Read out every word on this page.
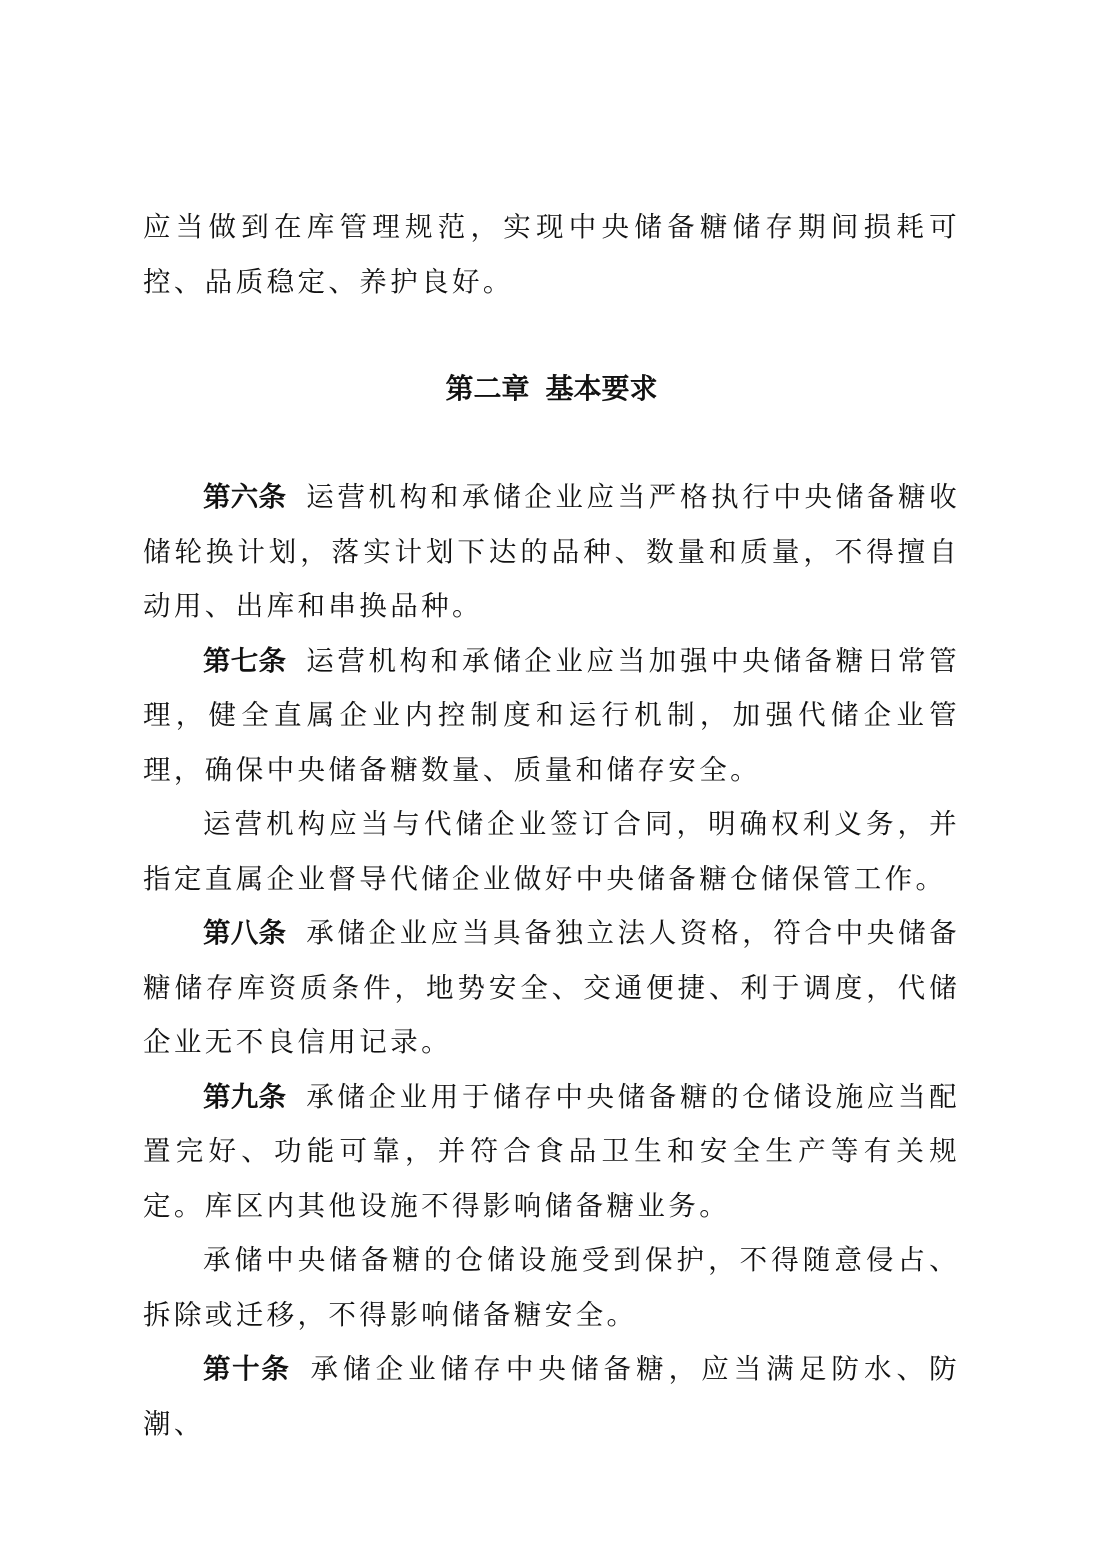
应当做到在库管理规范，实现中央储备糖储存期间损耗可控、品质稳定、养护良好。

第二章 基本要求

第六条 运营机构和承储企业应当严格执行中央储备糖收储轮换计划，落实计划下达的品种、数量和质量，不得擅自动用、出库和串换品种。

第七条 运营机构和承储企业应当加强中央储备糖日常管理，健全直属企业内控制度和运行机制，加强代储企业管理，确保中央储备糖数量、质量和储存安全。

运营机构应当与代储企业签订合同，明确权利义务，并指定直属企业督导代储企业做好中央储备糖仓储保管工作。

第八条 承储企业应当具备独立法人资格，符合中央储备糖储存库资质条件，地势安全、交通便捷、利于调度，代储企业无不良信用记录。

第九条 承储企业用于储存中央储备糖的仓储设施应当配置完好、功能可靠，并符合食品卫生和安全生产等有关规定。库区内其他设施不得影响储备糖业务。

承储中央储备糖的仓储设施受到保护，不得随意侵占、拆除或迁移，不得影响储备糖安全。

第十条 承储企业储存中央储备糖，应当满足防水、防潮、
